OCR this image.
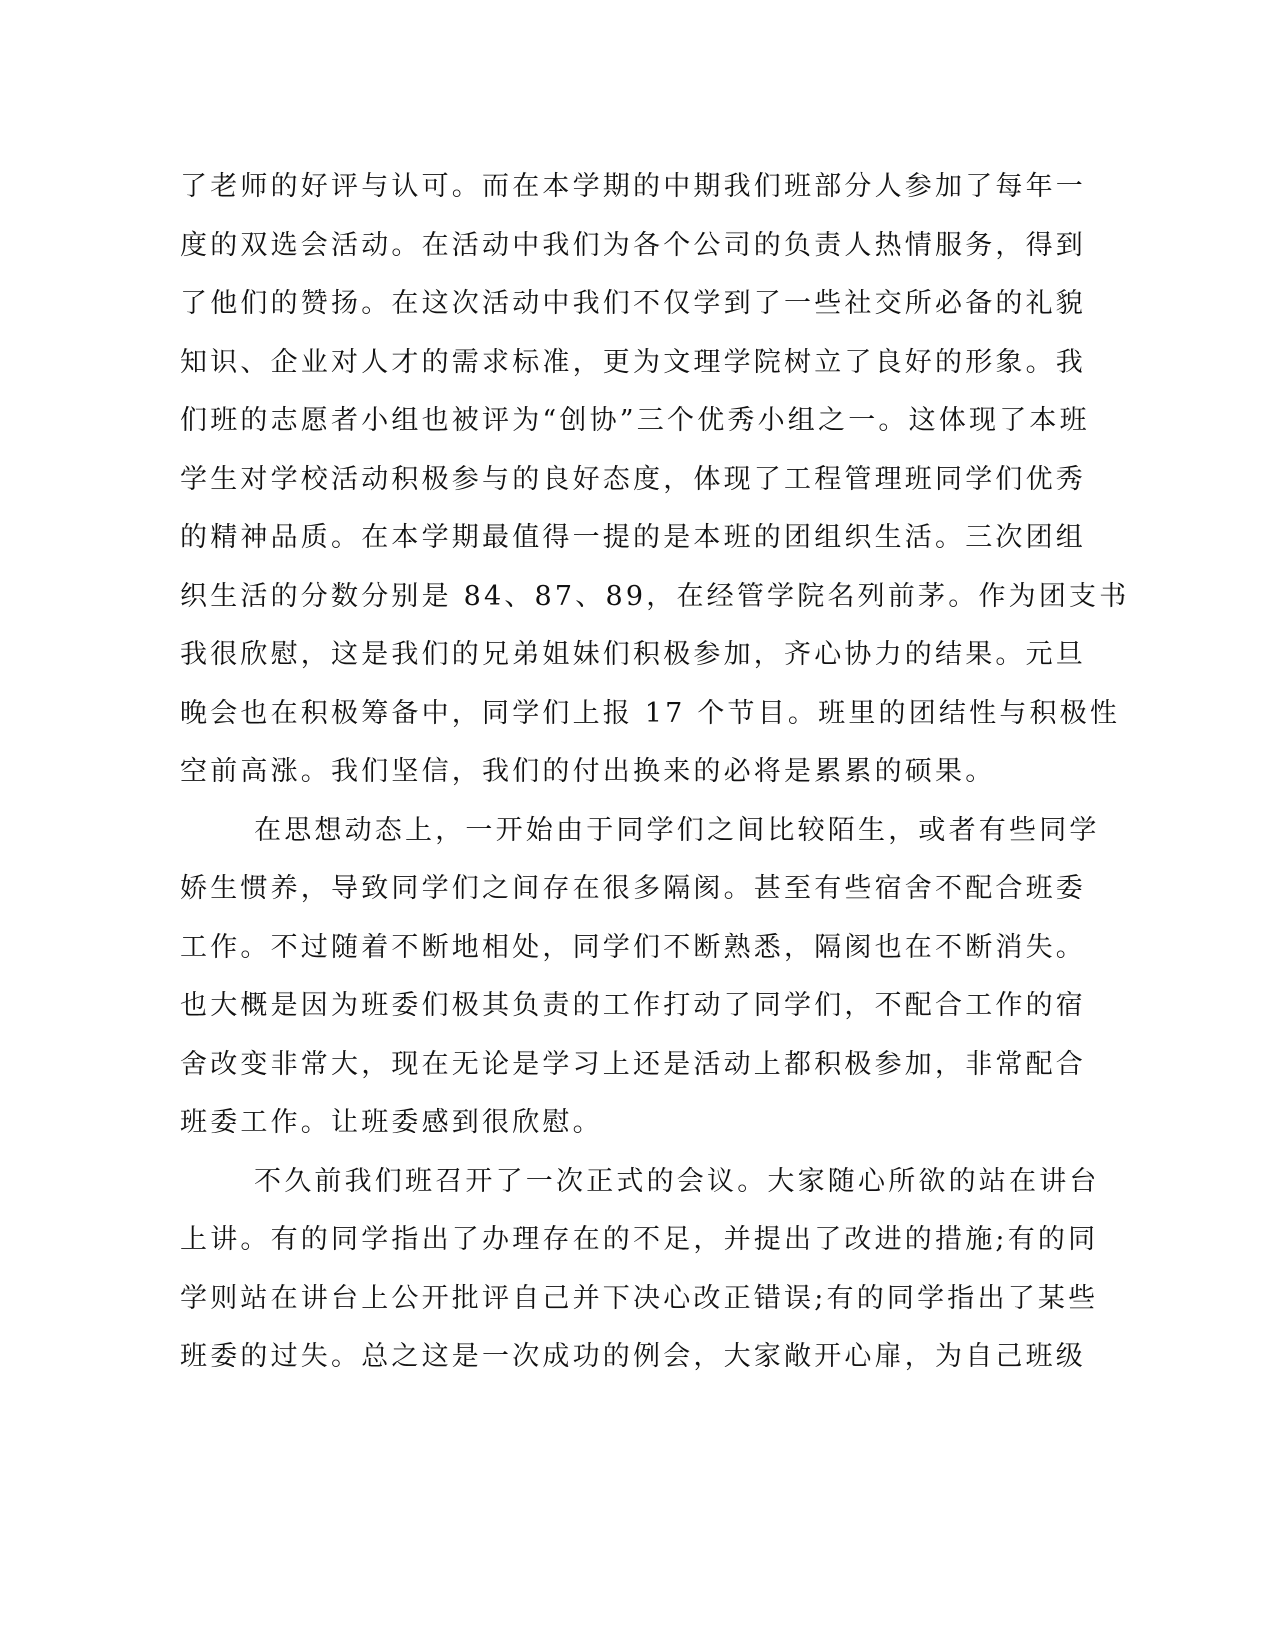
了老师的好评与认可。而在本学期的中期我们班部分人参加了每年一
度的双选会活动。在活动中我们为各个公司的负责人热情服务，得到
了他们的赞扬。在这次活动中我们不仅学到了一些社交所必备的礼貌
知识、企业对人才的需求标准，更为文理学院树立了良好的形象。我
们班的志愿者小组也被评为“创协”三个优秀小组之一。这体现了本班
学生对学校活动积极参与的良好态度，体现了工程管理班同学们优秀
的精神品质。在本学期最值得一提的是本班的团组织生活。三次团组
织生活的分数分别是 84、87、89，在经管学院名列前茅。作为团支书
我很欣慰，这是我们的兄弟姐妹们积极参加，齐心协力的结果。元旦
晚会也在积极筹备中，同学们上报 17 个节目。班里的团结性与积极性
空前高涨。我们坚信，我们的付出换来的必将是累累的硕果。

在思想动态上，一开始由于同学们之间比较陌生，或者有些同学
娇生惯养，导致同学们之间存在很多隔阂。甚至有些宿舍不配合班委
工作。不过随着不断地相处，同学们不断熟悉，隔阂也在不断消失。
也大概是因为班委们极其负责的工作打动了同学们，不配合工作的宿
舍改变非常大，现在无论是学习上还是活动上都积极参加，非常配合
班委工作。让班委感到很欣慰。

不久前我们班召开了一次正式的会议。大家随心所欲的站在讲台
上讲。有的同学指出了办理存在的不足，并提出了改进的措施;有的同
学则站在讲台上公开批评自己并下决心改正错误;有的同学指出了某些
班委的过失。总之这是一次成功的例会，大家敞开心扉，为自己班级
